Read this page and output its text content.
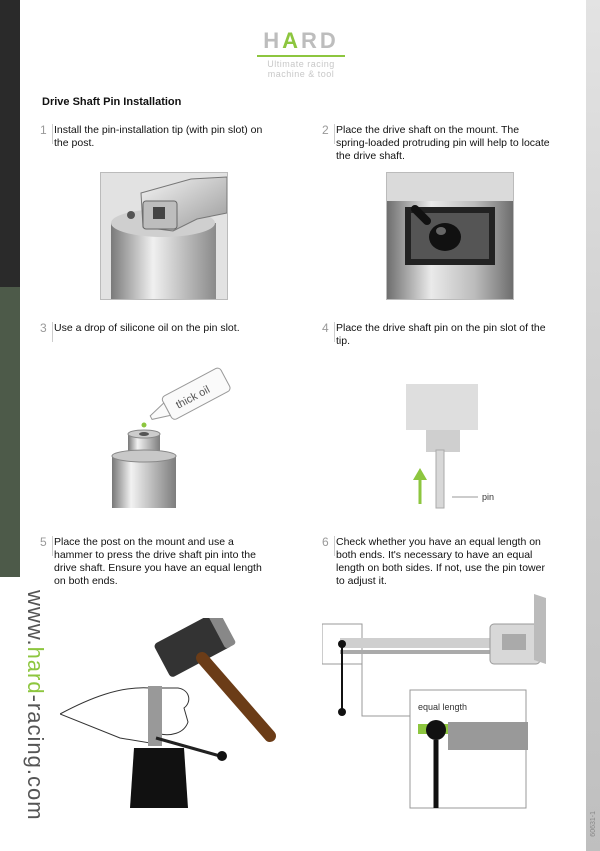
www.hard-racing.com
HARD
Ultimate racing
machine & tool
Drive Shaft Pin Installation
1 Install the pin-installation tip (with pin slot) on the post.
2 Place the drive shaft on the mount. The spring-loaded protruding pin will help to locate the drive shaft.
3 Use a drop of silicone oil on the pin slot.	4 Place the drive shaft pin on the pin slot of the tip.
5 Place the post on the mount and use a hammer to press the drive shaft pin into the drive shaft. Ensure you have an equal length on both ends.
6 Check whether you have an equal length on both ends. It's necessary to have an equal length on both sides. If not, use the pin tower to adjust it.
thick oil
pin
equal length
60631-1
